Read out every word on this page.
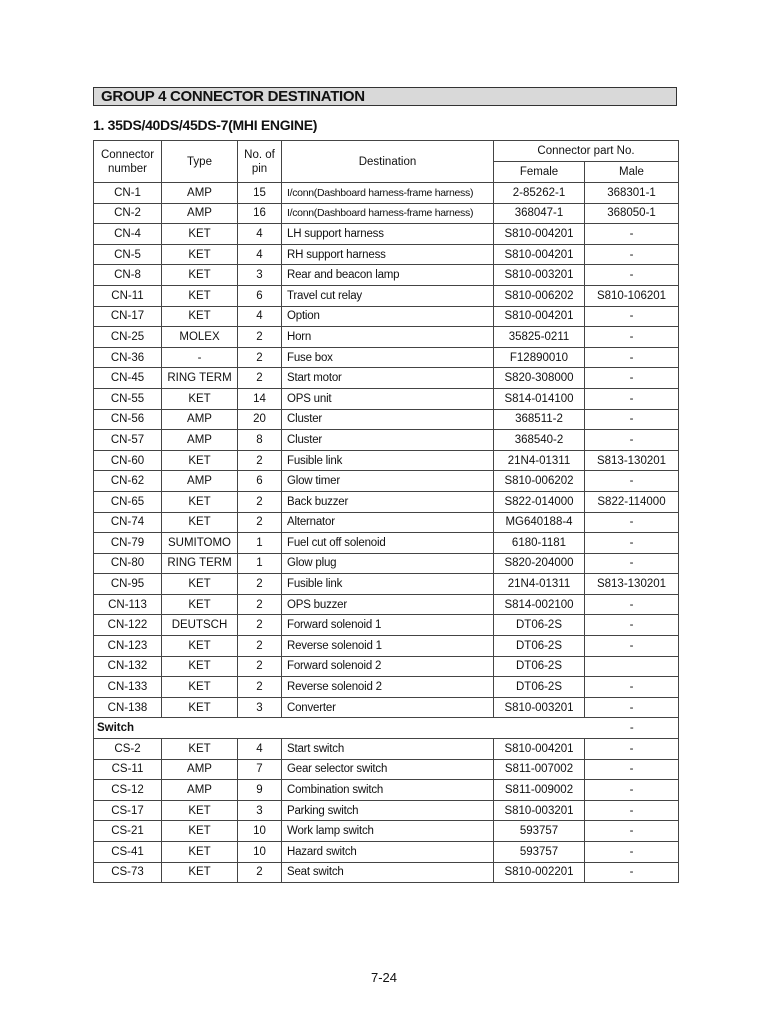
GROUP 4 CONNECTOR DESTINATION
1. 35DS/40DS/45DS-7(MHI ENGINE)
Connector number	Type	No. of pin	Destination	Connector part No.	
				Female	Male
CN-1	AMP	15	I/conn(Dashboard harness-frame harness)	2-85262-1	368301-1
CN-2	AMP	16	I/conn(Dashboard harness-frame harness)	368047-1	368050-1
CN-4	KET	4	LH support harness	S810-004201	-
CN-5	KET	4	RH support harness	S810-004201	-
CN-8	KET	3	Rear and beacon lamp	S810-003201	-
CN-11	KET	6	Travel cut relay	S810-006202	S810-106201
CN-17	KET	4	Option	S810-004201	-
CN-25	MOLEX	2	Horn	35825-0211	-
CN-36	-	2	Fuse box	F12890010	-
CN-45	RING TERM	2	Start motor	S820-308000	-
CN-55	KET	14	OPS unit	S814-014100	-
CN-56	AMP	20	Cluster	368511-2	-
CN-57	AMP	8	Cluster	368540-2	-
CN-60	KET	2	Fusible link	21N4-01311	S813-130201
CN-62	AMP	6	Glow timer	S810-006202	-
CN-65	KET	2	Back buzzer	S822-014000	S822-114000
CN-74	KET	2	Alternator	MG640188-4	-
CN-79	SUMITOMO	1	Fuel cut off solenoid	6180-1181	-
CN-80	RING TERM	1	Glow plug	S820-204000	-
CN-95	KET	2	Fusible link	21N4-01311	S813-130201
CN-113	KET	2	OPS buzzer	S814-002100	-
CN-122	DEUTSCH	2	Forward solenoid 1	DT06-2S	-
CN-123	KET	2	Reverse solenoid 1	DT06-2S	-
CN-132	KET	2	Forward solenoid 2	DT06-2S	
CN-133	KET	2	Reverse solenoid 2	DT06-2S	-
CN-138	KET	3	Converter	S810-003201	-
Switch					-
CS-2	KET	4	Start switch	S810-004201	-
CS-11	AMP	7	Gear selector switch	S811-007002	-
CS-12	AMP	9	Combination switch	S811-009002	-
CS-17	KET	3	Parking switch	S810-003201	-
CS-21	KET	10	Work lamp switch	593757	-
CS-41	KET	10	Hazard switch	593757	-
CS-73	KET	2	Seat switch	S810-002201	-
7-24
